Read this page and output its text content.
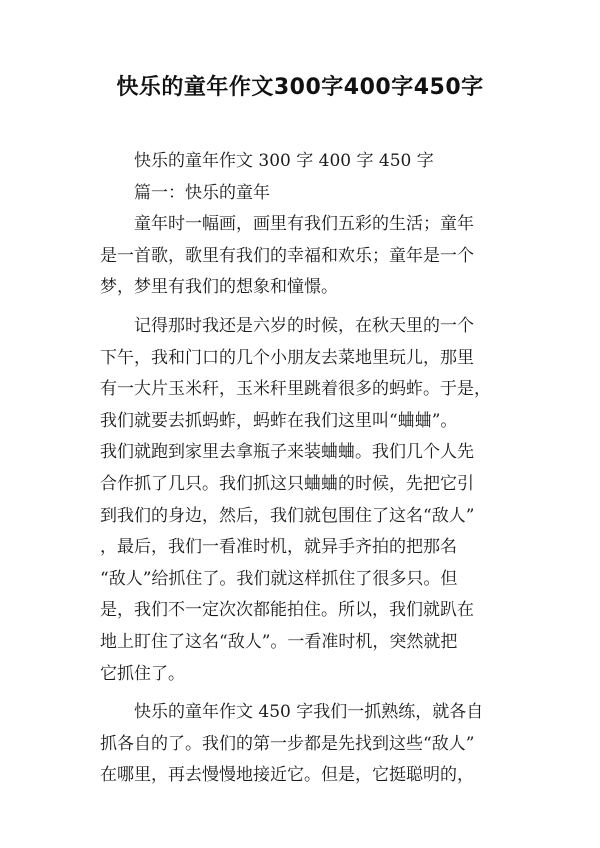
快乐的童年作文300字400字450字
快乐的童年作文 300 字 400 字 450 字
篇一：快乐的童年
童年时一幅画，画里有我们五彩的生活；童年
是一首歌，歌里有我们的幸福和欢乐；童年是一个
梦，梦里有我们的想象和憧憬。
记得那时我还是六岁的时候，在秋天里的一个
下午，我和门口的几个小朋友去菜地里玩儿，那里
有一大片玉米秆，玉米秆里跳着很多的蚂蚱。于是，
我们就要去抓蚂蚱，蚂蚱在我们这里叫“蛐蛐”。
我们就跑到家里去拿瓶子来装蛐蛐。我们几个人先
合作抓了几只。我们抓这只蛐蛐的时候，先把它引
到我们的身边，然后，我们就包围住了这名“敌人”
，最后，我们一看准时机，就异手齐拍的把那名
“敌人”给抓住了。我们就这样抓住了很多只。但
是，我们不一定次次都能拍住。所以，我们就趴在
地上盯住了这名“敌人”。一看准时机，突然就把
它抓住了。
快乐的童年作文 450 字我们一抓熟练，就各自
抓各自的了。我们的第一步都是先找到这些“敌人”
在哪里，再去慢慢地接近它。但是，它挺聪明的，
